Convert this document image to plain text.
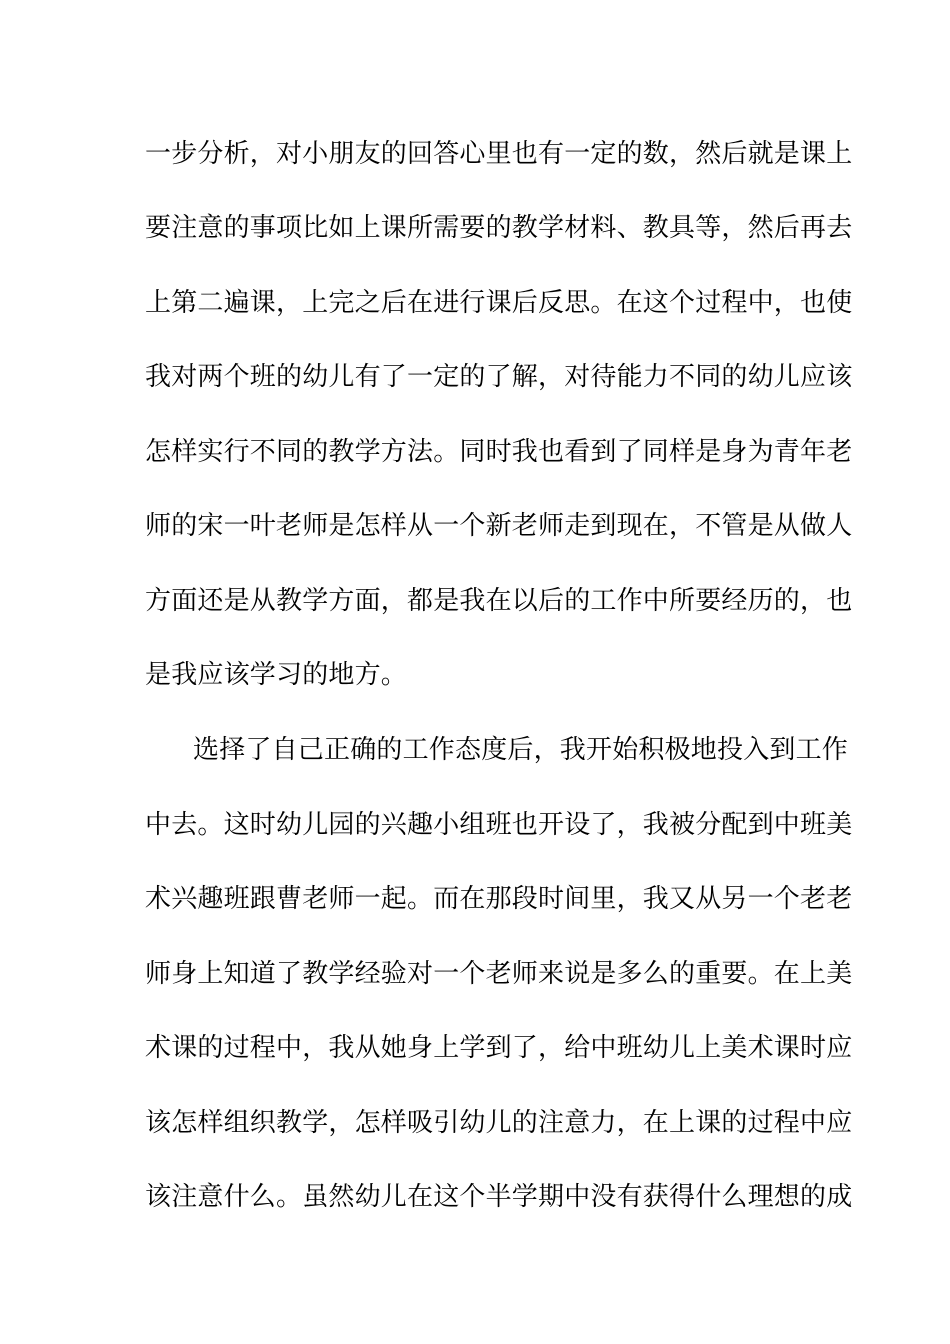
一步分析，对小朋友的回答心里也有一定的数，然后就是课上
要注意的事项比如上课所需要的教学材料、教具等，然后再去
上第二遍课，上完之后在进行课后反思。在这个过程中，也使
我对两个班的幼儿有了一定的了解，对待能力不同的幼儿应该
怎样实行不同的教学方法。同时我也看到了同样是身为青年老
师的宋一叶老师是怎样从一个新老师走到现在，不管是从做人
方面还是从教学方面，都是我在以后的工作中所要经历的，也
是我应该学习的地方。
选择了自己正确的工作态度后，我开始积极地投入到工作
中去。这时幼儿园的兴趣小组班也开设了，我被分配到中班美
术兴趣班跟曹老师一起。而在那段时间里，我又从另一个老老
师身上知道了教学经验对一个老师来说是多么的重要。在上美
术课的过程中，我从她身上学到了，给中班幼儿上美术课时应
该怎样组织教学，怎样吸引幼儿的注意力，在上课的过程中应
该注意什么。虽然幼儿在这个半学期中没有获得什么理想的成
